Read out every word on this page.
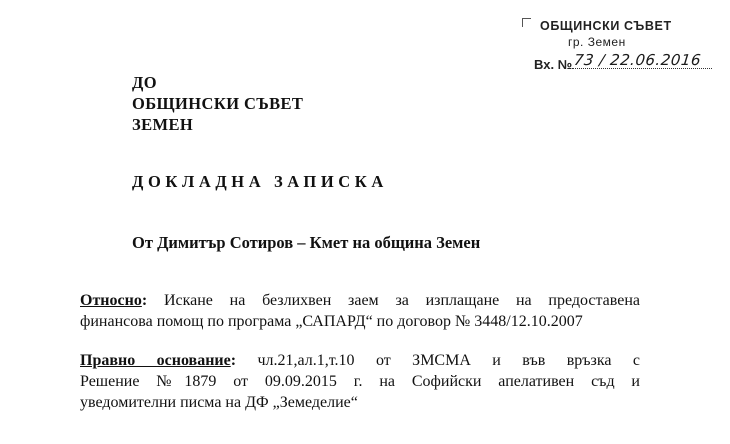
ОБЩИНСКИ СЪВЕТ
гр. Земен
Вх. № 73 / 22.06.2016
ДО
ОБЩИНСКИ СЪВЕТ
ЗЕМЕН
ДОКЛАДНА ЗАПИСКА
От Димитър Сотиров – Кмет на община Земен
Относно: Искане на безлихвен заем за изплащане на предоставена
финансова помощ по програма „САПАРД“ по договор № 3448/12.10.2007
Правно основание: чл.21,ал.1,т.10 от ЗМСМА и във връзка с
Решение №1879 от 09.09.2015 г. на Софийски апелативен съд и
уведомителни писма на ДФ „Земеделие“
